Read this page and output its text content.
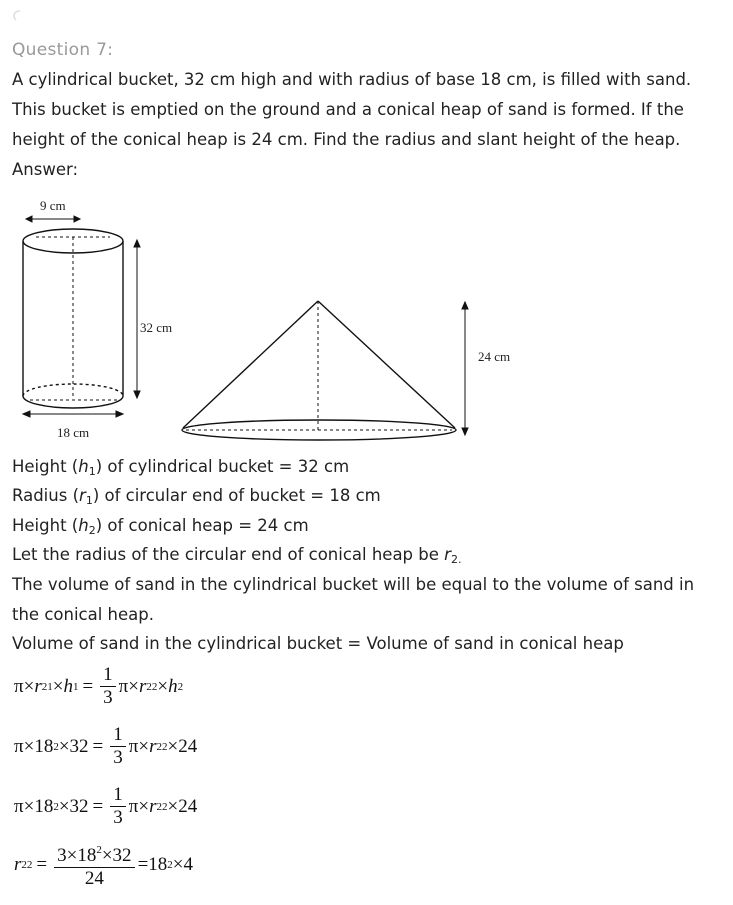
Question 7:
A cylindrical bucket, 32 cm high and with radius of base 18 cm, is filled with sand. This bucket is emptied on the ground and a conical heap of sand is formed. If the height of the conical heap is 24 cm. Find the radius and slant height of the heap.
Answer:
9 cm
32 cm
18 cm
24 cm
Height $(h_1)$ of cylindrical bucket = 32 cm
Radius $(r_1)$ of circular end of bucket = 18 cm
Height $(h_2)$ of conical heap = 24 cm
Let the radius of the circular end of conical heap be $r_{2.}$
The volume of sand in the cylindrical bucket will be equal to the volume of sand in the conical heap.
Volume of sand in the cylindrical bucket = Volume of sand in conical heap
π × r 2 1 × h $1 = \frac{1}{3}$ π × r 2 2 × h 2
π × 18 $2 \times 32 = \frac{1}{3}$ π × r 2 2 × 24
π × 18 $2 \times 32 = \frac{1}{3}$ π × r 2 2 × 24
r 2 $2 = \frac{3\times 18^2\times 32}{24} =18$ 2 ×4
